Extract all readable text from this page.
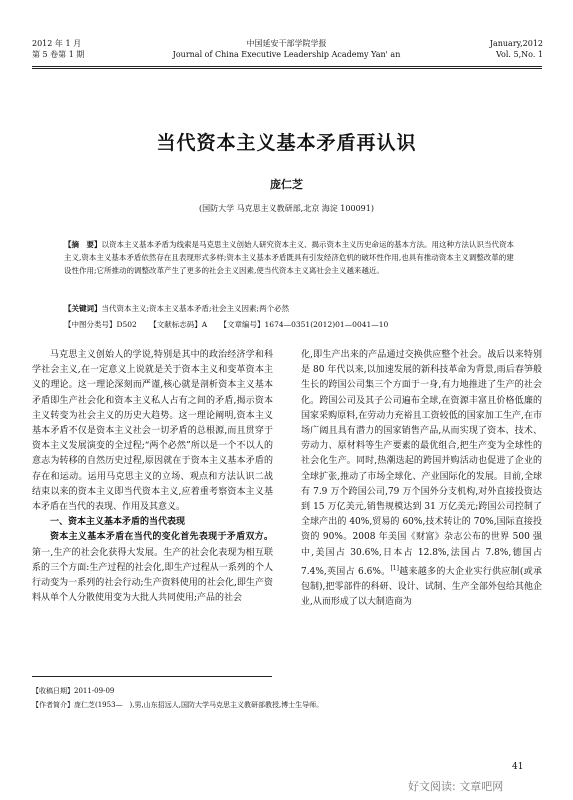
2012 年 1 月
第 5 卷第 1 期
中国延安干部学院学报
Journal of China Executive Leadership Academy Yan' an
January,2012
Vol. 5,No. 1
当代资本主义基本矛盾再认识
庞仁芝
(国防大学 马克思主义教研部,北京 海淀 100091)
【摘　要】以资本主义基本矛盾为线索是马克思主义创始人研究资本主义、揭示资本主义历史命运的基本方法。用这种方法认识当代资本主义,资本主义基本矛盾依然存在且表现形式多样;资本主义基本矛盾既具有引发经济危机的破坏性作用,也具有推动资本主义调整改革的建设性作用;它所推动的调整改革产生了更多的社会主义因素,使当代资本主义离社会主义越来越近。
【关键词】当代资本主义;资本主义基本矛盾;社会主义因素;两个必然
【中图分类号】D502 【文献标志码】A 【文章编号】1674—0351(2012)01—0041—10

马克思主义创始人的学说,特别是其中的政治经济学和科学社会主义,在一定意义上说就是关于资本主义和变革资本主义的理论。这一理论深刻而严谨,核心就是剖析资本主义基本矛盾即生产社会化和资本主义私人占有之间的矛盾,揭示资本主义转变为社会主义的历史大趋势。这一理论阐明,资本主义基本矛盾不仅是资本主义社会一切矛盾的总根源,而且贯穿于资本主义发展演变的全过程;“两个必然”所以是一个不以人的意志为转移的自然历史过程,原因就在于资本主义基本矛盾的存在和运动。运用马克思主义的立场、观点和方法认识二战结束以来的资本主义即当代资本主义,应着重考察资本主义基本矛盾在当代的表现、作用及其意义。

一、资本主义基本矛盾的当代表现

资本主义基本矛盾在当代的变化首先表现于矛盾双方。第一,生产的社会化获得大发展。生产的社会化表现为相互联系的三个方面:生产过程的社会化,即生产过程从一系列的个人行动变为一系列的社会行动;生产资料使用的社会化,即生产资料从单个人分散使用变为大批人共同使用;产品的社会

化,即生产出来的产品通过交换供应整个社会。战后以来特别是 80 年代以来,以加速发展的新科技革命为背景,雨后春笋般生长的跨国公司集三个方面于一身,有力地推进了生产的社会化。跨国公司及其子公司遍布全球,在资源丰富且价格低廉的国家采购原料,在劳动力充裕且工资较低的国家加工生产,在市场广阔且具有潜力的国家销售产品,从而实现了资本、技术、劳动力、原材料等生产要素的最优组合,把生产变为全球性的社会化生产。同时,热潮迭起的跨国并购活动也促进了企业的全球扩张,推动了市场全球化、产业国际化的发展。目前,全球有 7.9 万个跨国公司,79 万个国外分支机构,对外直接投资达到 15 万亿美元,销售规模达到 31 万亿美元;跨国公司控制了全球产出的 40%,贸易的 60%,技术转让的 70%,国际直接投资的 90%。2008 年美国《财富》杂志公布的世界 500 强中,美国占 30.6%,日本占 12.8%,法国占 7.8%,德国占 7.4%,英国占 6.6%。[1]越来越多的大企业实行供应制(或承包制),把零部件的科研、设计、试制、生产全部外包给其他企业,从而形成了以大制造商为

【收稿日期】2011-09-09
【作者简介】庞仁芝(1953—　),男,山东招远人,国防大学马克思主义教研部教授,博士生导师。
41
好文阅读: 文章吧网
